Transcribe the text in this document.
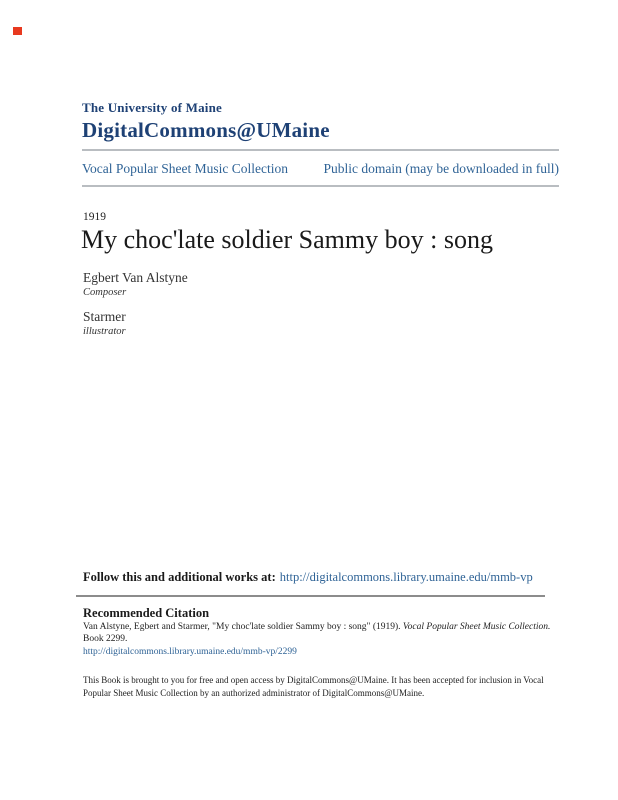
The University of Maine
DigitalCommons@UMaine
Vocal Popular Sheet Music Collection	Public domain (may be downloaded in full)
1919
My choc'late soldier Sammy boy : song
Egbert Van Alstyne
Composer
Starmer
illustrator
Follow this and additional works at: http://digitalcommons.library.umaine.edu/mmb-vp
Recommended Citation
Van Alstyne, Egbert and Starmer, "My choc'late soldier Sammy boy : song" (1919). Vocal Popular Sheet Music Collection. Book 2299.
http://digitalcommons.library.umaine.edu/mmb-vp/2299
This Book is brought to you for free and open access by DigitalCommons@UMaine. It has been accepted for inclusion in Vocal Popular Sheet Music Collection by an authorized administrator of DigitalCommons@UMaine.
